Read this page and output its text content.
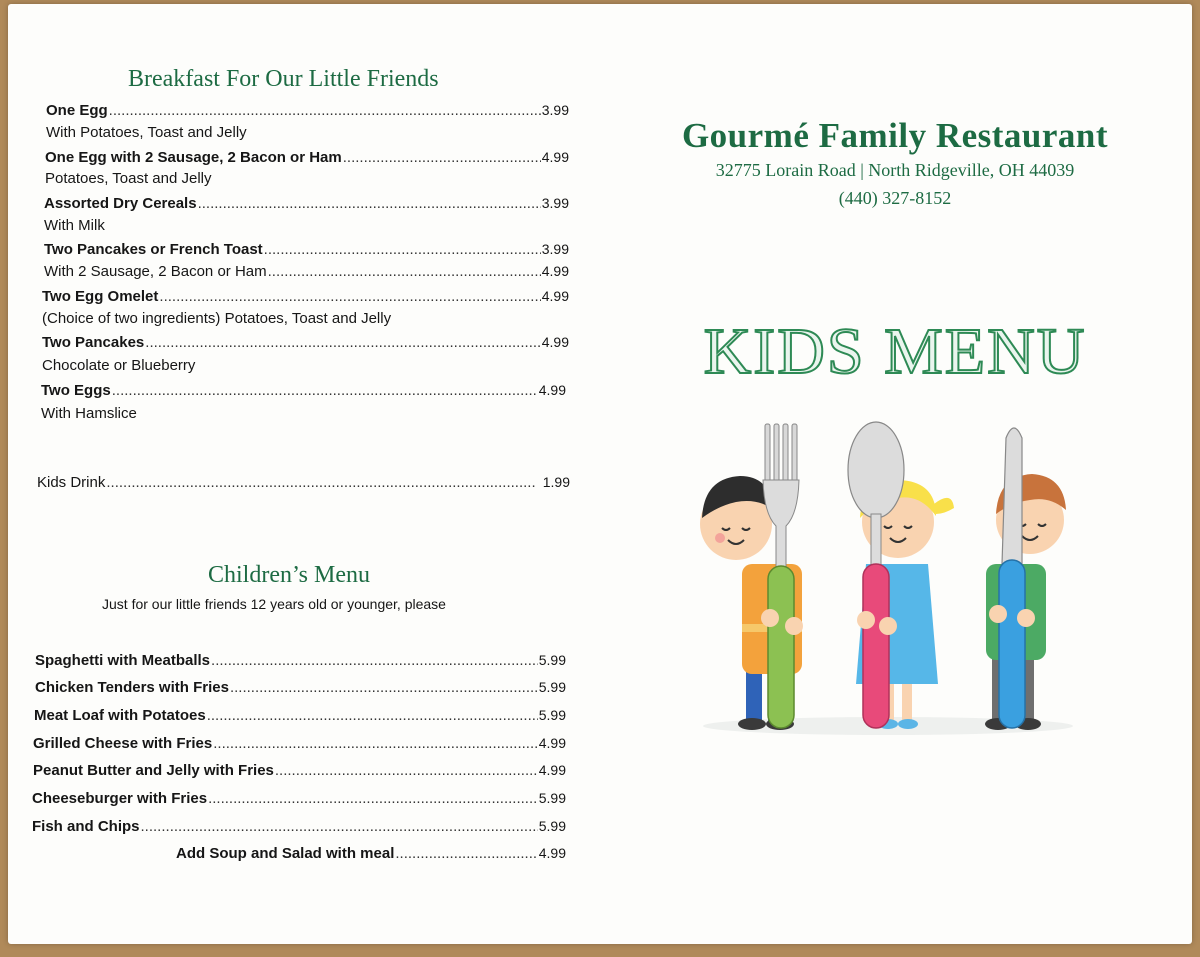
Breakfast For Our Little Friends
One Egg .....	3.99
With Potatoes, Toast and Jelly
One Egg with 2 Sausage, 2 Bacon or Ham .....	4.99
Potatoes, Toast and Jelly
Assorted Dry Cereals .....	3.99
With Milk
Two Pancakes or French Toast .....	3.99
With 2 Sausage, 2 Bacon or Ham .....	4.99
Two Egg Omelet .....	4.99
(Choice of two ingredients) Potatoes, Toast and Jelly
Two Pancakes .....	4.99
Chocolate or Blueberry
Two Eggs .....	4.99
With Hamslice
Kids Drink .....	1.99
Children’s Menu
Just for our little friends 12 years old or younger, please
Spaghetti with Meatballs .....	5.99
Chicken Tenders with Fries .....	5.99
Meat Loaf with Potatoes .....	5.99
Grilled Cheese with Fries .....	4.99
Peanut Butter and Jelly with Fries .....	4.99
Cheeseburger with Fries .....	5.99
Fish and Chips .....	5.99
Add Soup and Salad with meal .....	4.99
Gourmé Family Restaurant
32775 Lorain Road | North Ridgeville, OH 44039
(440) 327-8152
KIDS MENU
